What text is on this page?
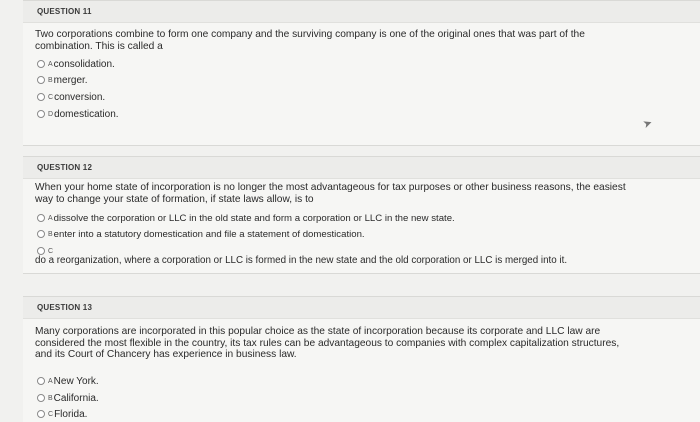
QUESTION 11
Two corporations combine to form one company and the surviving company is one of the original ones that was part of the combination. This is called a
A consolidation.
B merger.
C conversion.
D domestication.
➤
QUESTION 12
When your home state of incorporation is no longer the most advantageous for tax purposes or other business reasons, the easiest way to change your state of formation, if state laws allow, is to
A dissolve the corporation or LLC in the old state and form a corporation or LLC in the new state.
B enter into a statutory domestication and file a statement of domestication.
C
do a reorganization, where a corporation or LLC is formed in the new state and the old corporation or LLC is merged into it.
QUESTION 13
Many corporations are incorporated in this popular choice as the state of incorporation because its corporate and LLC law are considered the most flexible in the country, its tax rules can be advantageous to companies with complex capitalization structures, and its Court of Chancery has experience in business law.
A New York.
B California.
C Florida.
